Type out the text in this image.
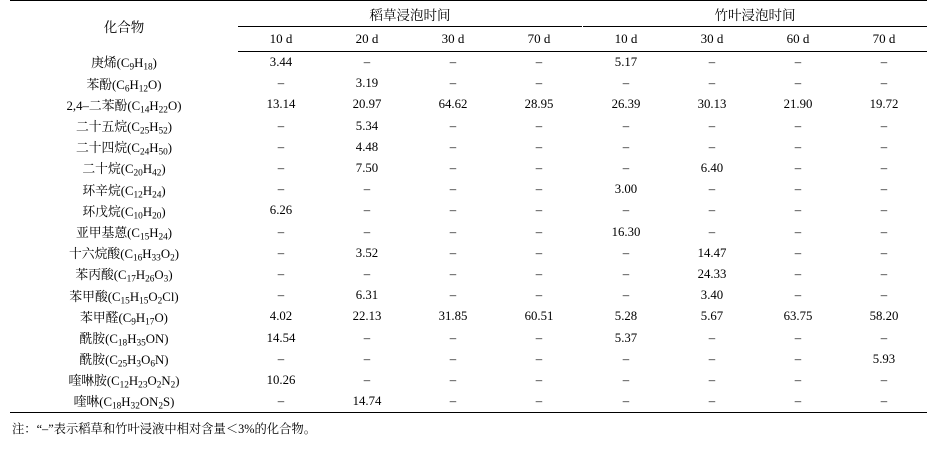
化合物	稻草浸泡时间				竹叶浸泡时间			
	10 d	20 d	30 d	70 d		10 d	30 d	60 d	70 d
庚烯$(C_9H_{18})$	3.44	–	–	–		5.17	–	–	–
苯酚$(C_6H_{12}O)$	–	3.19	–	–		–	–	–	–
2,4–二苯酚$(C_{14}H_{22}O)$	13.14	20.97	64.62	28.95		26.39	30.13	21.90	19.72
二十五烷$(C_{25}H_{52})$	–	5.34	–	–		–	–	–	–
二十四烷$(C_{24}H_{50})$	–	4.48	–	–		–	–	–	–
二十烷$(C_{20}H_{42})$	–	7.50	–	–		–	6.40	–	–
环辛烷$(C_{12}H_{24})$	–	–	–	–		3.00	–	–	–
环戊烷$(C_{10}H_{20})$	6.26	–	–	–		–	–	–	–
亚甲基蒽$(C_{15}H_{24})$	–	–	–	–		16.30	–	–	–
十六烷酸$(C_{16}H_{33}O_2)$	–	3.52	–	–		–	14.47	–	–
苯丙酸$(C_{17}H_{26}O_3)$	–	–	–	–		–	24.33	–	–
苯甲酸$(C_{15}H_{15}O_2Cl)$	–	6.31	–	–		–	3.40	–	–
苯甲醛$(C_9H_{17}O)$	4.02	22.13	31.85	60.51		5.28	5.67	63.75	58.20
酰胺$(C_{18}H_{35}ON)$	14.54	–	–	–		5.37	–	–	–
酰胺$(C_{25}H_3O_6N)$	–	–	–	–		–	–	–	5.93
喹啉胺$(C_{12}H_{23}O_2N_2)$	10.26	–	–	–		–	–	–	–
喹啉$(C_{18}H_{32}ON_2S)$	–	14.74	–	–		–	–	–	–
注：“–”表示稻草和竹叶浸液中相对含量＜3%的化合物。
